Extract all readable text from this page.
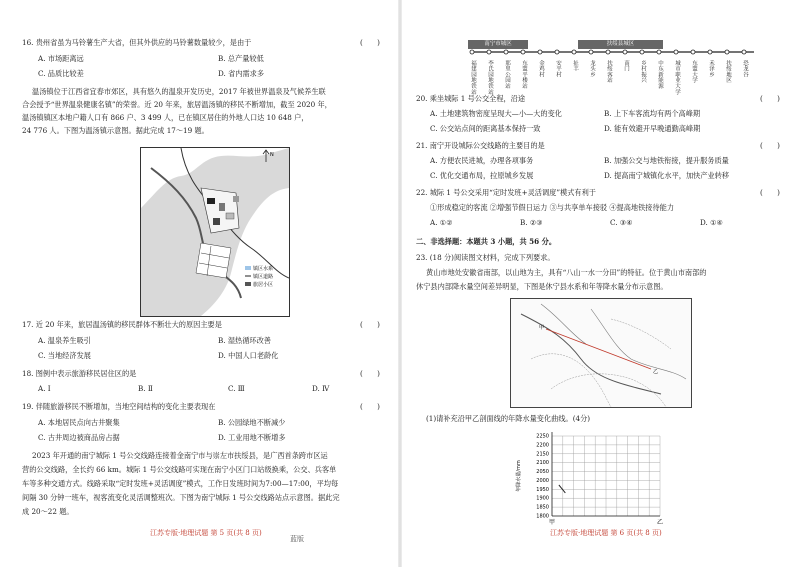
16. 贵州省虽为马铃薯生产大省，但其外供应的马铃薯数量较少，是由于	(　　)
A. 市场距离远	B. 总产量较低
C. 品质比较差	D. 省内需求多
温汤镇位于江西省宜春市郊区，具有悠久的温泉开发历史，2017 年被世界温泉及气候养生联
合会授予“世界温泉健康名镇”的荣誉。近 20 年来，旅居温汤镇的移民不断增加，截至 2020 年，
温汤镇镇区本地户籍人口有 866 户、3 499 人，已在镇区居住的外地人口达 10 648 户，
24 776 人。下图为温汤镇示意图。据此完成 17～19 题。
N
镇区水系
镇区道路
旅居小区
17. 近 20 年来，旅居温汤镇的移民群体不断壮大的原因主要是	(　　)
A. 温泉养生吸引	B. 湿热循环改善
C. 当地经济发展	D. 中国人口老龄化
18. 图例中表示旅游移民居住区的是	(　　)
A. Ⅰ	B. Ⅱ	C. Ⅲ	D. Ⅳ
19. 伴随旅游移民不断增加，当地空间结构的变化主要表现在	(　　)
A. 本地居民点向古井聚集	B. 公园绿地不断减少
C. 古井周边被商品房占据	D. 工业用地不断增多
2023 年开通的南宁城际 1 号公交线路连接着金南宁市与崇左市扶绥县，是广西首条跨市区运
营的公交线路，全长约 66 km。城际 1 号公交线路可实现在南宁小区门口站级换乘，公交、兵客单
车等多种交通方式。线路采取“定时发班+灵活调度”模式，工作日发班时间为7:00—17:00，平均每
间隔 30 分钟一班车，视客流变化灵活调整班次。下图为南宁城际 1 号公交线路站点示意图。据此完
成 20～22 题。
江苏专版·地理试题 第 5 页(共 8 页)
蓝版
南宁市城区	扶绥县城区
福建园地铁站	李氏园地铁站	那里公园站	东盟平楼站	金鸡村	安平村	扯丰	龙头乡	扶绥客站	南门	乡村振兴	中东新能源	城市职业大学	东盟大学	禾泽乡	扶绥地区	恐龙谷
20. 乘坐城际 1 号公交全程，沿途	(　　)
A. 土地建筑物密度呈现大—小—大的变化	B. 上下车客流均有两个高峰期
C. 公交站点间的距离基本保持一致	D. 能有效避开早晚通勤高峰期
21. 南宁开设城际公交线路的主要目的是	(　　)
A. 方便农民进城，办理各项事务	B. 加强公交与地铁衔接，提升服务质量
C. 优化交通布局，拉原城乡发展	D. 提高南宁城镇化水平，加快产业转移
22. 城际 1 号公交采用“定时发班+灵活调度”模式有利于	(　　)
①形成稳定的客流 ②增强节假日运力 ③与共享单车接驳 ④提高地铁接待能力
A. ①②	B. ②③	C. ③④	D. ①④
二、非选择题：本题共 3 小题，共 56 分。
23. (18 分)阅读图文材料，完成下列要求。
黄山市地处安徽省南部，以山地为主，具有“八山一水一分田”的特征。位于黄山市南部的
休宁县内部降水量空间差异明显，下图是休宁县水系和年等降水量分布示意图。
甲
乙
(1)请补充沿甲乙剖面线的年降水量变化曲线。(4分)
1800
1850
1900
1950
2000
2050
2100
2150
2200
2250
年降水量/mm
甲	乙
江苏专版·地理试题 第 6 页(共 8 页)
